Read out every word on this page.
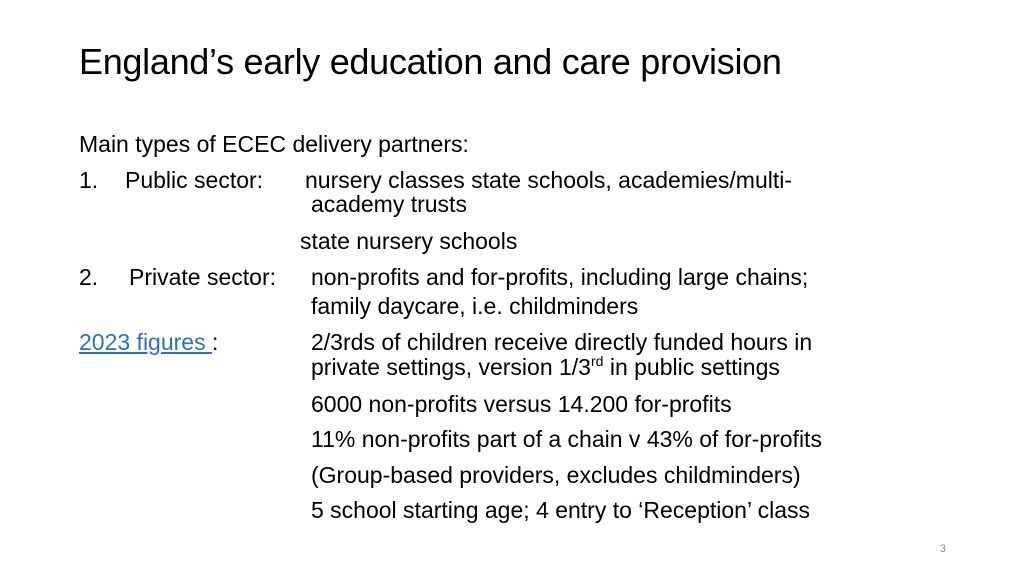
England’s early education and care provision
Main types of ECEC delivery partners:
1. Public sector: nursery classes state schools, academies/multi-
academy trusts
state nursery schools
2. Private sector: non-profits and for-profits, including large chains;
family daycare, i.e. childminders
2023 figures :	2/3rds of children receive directly funded hours in
private settings, version 1/3rd in public settings
6000 non-profits versus 14.200 for-profits
11% non-profits part of a chain v 43% of for-profits
(Group-based providers, excludes childminders)
5 school starting age; 4 entry to ‘Reception’ class
3
